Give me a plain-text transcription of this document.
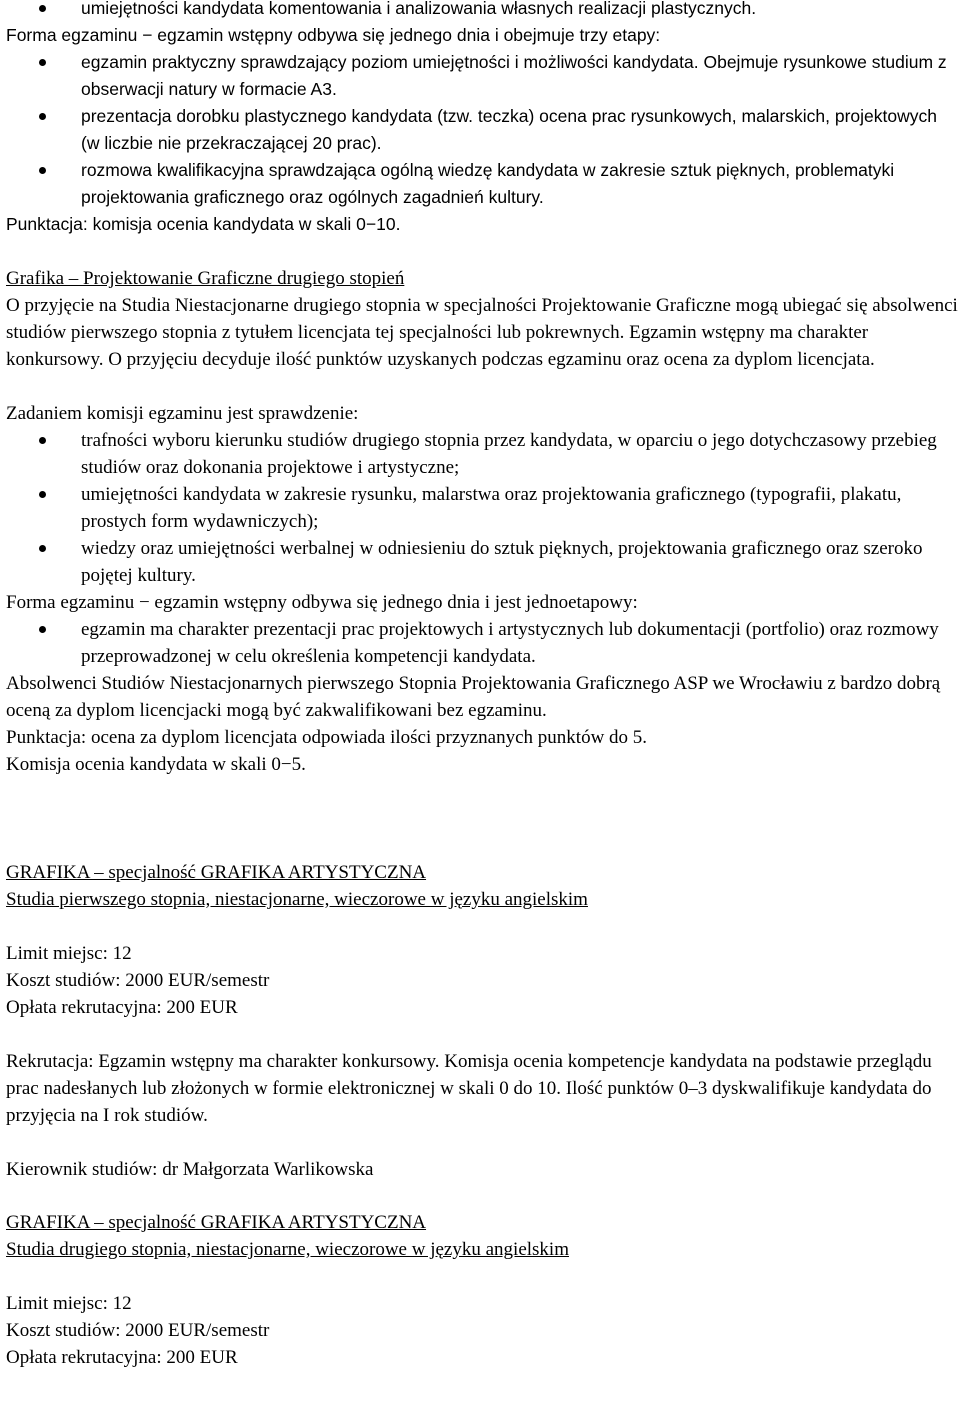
umiejętności kandydata komentowania i analizowania własnych realizacji plastycznych.

Forma egzaminu − egzamin wstępny odbywa się jednego dnia i obejmuje trzy etapy:

egzamin praktyczny sprawdzający poziom umiejętności i możliwości kandydata. Obejmuje rysunkowe studium z obserwacji natury w formacie A3.
prezentacja dorobku plastycznego kandydata (tzw. teczka) ocena prac rysunkowych, malarskich, projektowych (w liczbie nie przekraczającej 20 prac).
rozmowa kwalifikacyjna sprawdzająca ogólną wiedzę kandydata w zakresie sztuk pięknych, problematyki projektowania graficznego oraz ogólnych zagadnień kultury.

Punktacja: komisja ocenia kandydata w skali 0−10.

Grafika – Projektowanie Graficzne drugiego stopień

O przyjęcie na Studia Niestacjonarne drugiego stopnia w specjalności Projektowanie Graficzne mogą ubiegać się absolwenci studiów pierwszego stopnia z tytułem licencjata tej specjalności lub pokrewnych. Egzamin wstępny ma charakter konkursowy. O przyjęciu decyduje ilość punktów uzyskanych podczas egzaminu oraz ocena za dyplom licencjata.

Zadaniem komisji egzaminu jest sprawdzenie:

trafności wyboru kierunku studiów drugiego stopnia przez kandydata, w oparciu o jego dotychczasowy przebieg studiów oraz dokonania projektowe i artystyczne;
umiejętności kandydata w zakresie rysunku, malarstwa oraz projektowania graficznego (typografii, plakatu, prostych form wydawniczych);
wiedzy oraz umiejętności werbalnej w odniesieniu do sztuk pięknych, projektowania graficznego oraz szeroko pojętej kultury.

Forma egzaminu − egzamin wstępny odbywa się jednego dnia i jest jednoetapowy:

egzamin ma charakter prezentacji prac projektowych i artystycznych lub dokumentacji (portfolio) oraz rozmowy przeprowadzonej w celu określenia kompetencji kandydata.

Absolwenci Studiów Niestacjonarnych pierwszego Stopnia Projektowania Graficznego ASP we Wrocławiu z bardzo dobrą oceną za dyplom licencjacki mogą być zakwalifikowani bez egzaminu.

Punktacja: ocena za dyplom licencjata odpowiada ilości przyznanych punktów do 5.

Komisja ocenia kandydata w skali 0−5.

GRAFIKA – specjalność GRAFIKA ARTYSTYCZNA

Studia pierwszego stopnia, niestacjonarne, wieczorowe w języku angielskim

Limit miejsc: 12

Koszt studiów: 2000 EUR/semestr

Opłata rekrutacyjna: 200 EUR

Rekrutacja: Egzamin wstępny ma charakter konkursowy. Komisja ocenia kompetencje kandydata na podstawie przeglądu prac nadesłanych lub złożonych w formie elektronicznej w skali 0 do 10. Ilość punktów 0–3 dyskwalifikuje kandydata do przyjęcia na I rok studiów.

Kierownik studiów: dr Małgorzata Warlikowska

GRAFIKA – specjalność GRAFIKA ARTYSTYCZNA

Studia drugiego stopnia, niestacjonarne, wieczorowe w języku angielskim

Limit miejsc: 12

Koszt studiów: 2000 EUR/semestr

Opłata rekrutacyjna: 200 EUR
